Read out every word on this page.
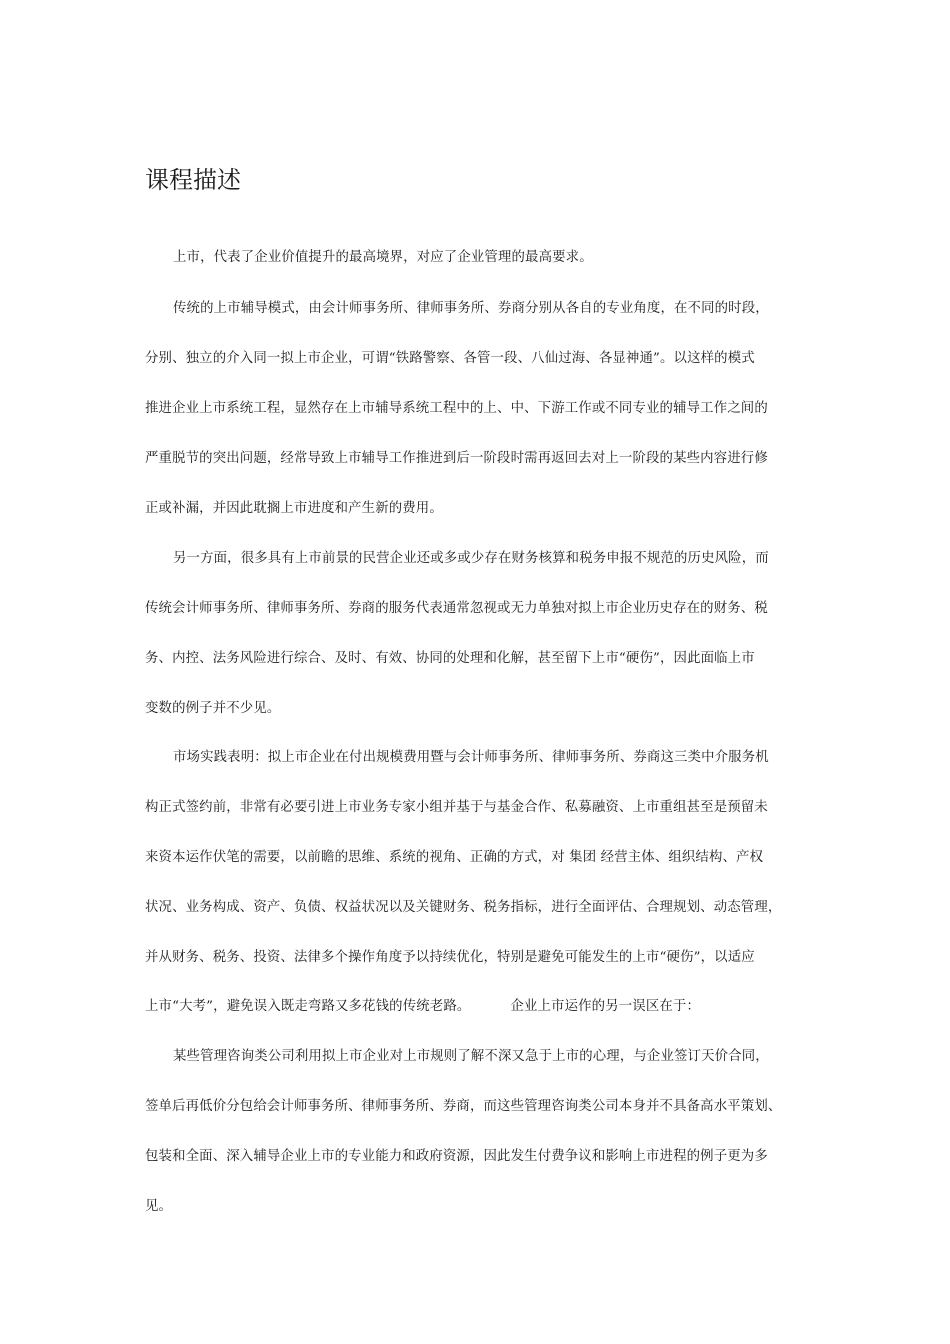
课程描述
上市，代表了企业价值提升的最高境界，对应了企业管理的最高要求。
传统的上市辅导模式，由会计师事务所、律师事务所、券商分别从各自的专业角度，在不同的时段，
分别、独立的介入同一拟上市企业，可谓“铁路警察、各管一段、八仙过海、各显神通”。以这样的模式
推进企业上市系统工程，显然存在上市辅导系统工程中的上、中、下游工作或不同专业的辅导工作之间的
严重脱节的突出问题，经常导致上市辅导工作推进到后一阶段时需再返回去对上一阶段的某些内容进行修
正或补漏，并因此耽搁上市进度和产生新的费用。
另一方面，很多具有上市前景的民营企业还或多或少存在财务核算和税务申报不规范的历史风险，而
传统会计师事务所、律师事务所、券商的服务代表通常忽视或无力单独对拟上市企业历史存在的财务、税
务、内控、法务风险进行综合、及时、有效、协同的处理和化解，甚至留下上市“硬伤”，因此面临上市
变数的例子并不少见。
市场实践表明：拟上市企业在付出规模费用暨与会计师事务所、律师事务所、券商这三类中介服务机
构正式签约前，非常有必要引进上市业务专家小组并基于与基金合作、私募融资、上市重组甚至是预留未
来资本运作伏笔的需要，以前瞻的思维、系统的视角、正确的方式，对 集团 经营主体、组织结构、产权
状况、业务构成、资产、负债、权益状况以及关键财务、税务指标，进行全面评估、合理规划、动态管理，
并从财务、税务、投资、法律多个操作角度予以持续优化，特别是避免可能发生的上市“硬伤”，以适应
上市“大考”，避免误入既走弯路又多花钱的传统老路。	企业上市运作的另一误区在于：
某些管理咨询类公司利用拟上市企业对上市规则了解不深又急于上市的心理，与企业签订天价合同，
签单后再低价分包给会计师事务所、律师事务所、券商，而这些管理咨询类公司本身并不具备高水平策划、
包装和全面、深入辅导企业上市的专业能力和政府资源，因此发生付费争议和影响上市进程的例子更为多
见。
